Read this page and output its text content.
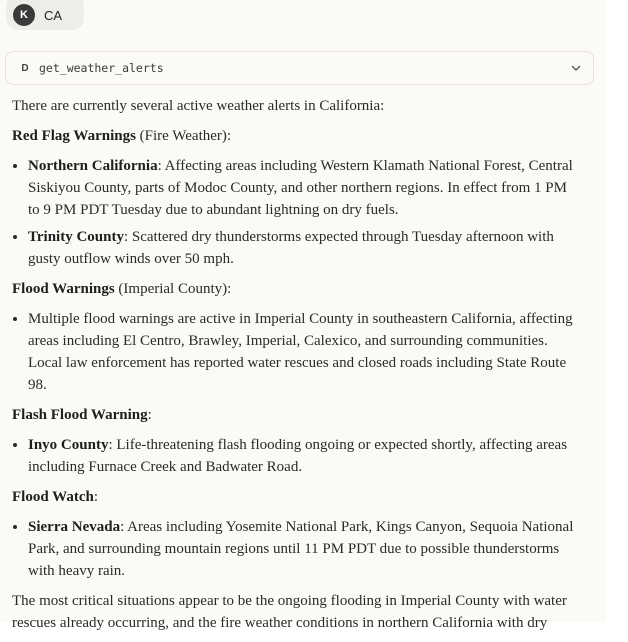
K	CA
D get_weather_alerts

There are currently several active weather alerts in California:

Red Flag Warnings (Fire Weather):

• Northern California: Affecting areas including Western Klamath National Forest, Central Siskiyou County, parts of Modoc County, and other northern regions. In effect from 1 PM to 9 PM PDT Tuesday due to abundant lightning on dry fuels.
• Trinity County: Scattered dry thunderstorms expected through Tuesday afternoon with gusty outflow winds over 50 mph.

Flood Warnings (Imperial County):

• Multiple flood warnings are active in Imperial County in southeastern California, affecting areas including El Centro, Brawley, Imperial, Calexico, and surrounding communities. Local law enforcement has reported water rescues and closed roads including State Route 98.

Flash Flood Warning:

• Inyo County: Life-threatening flash flooding ongoing or expected shortly, affecting areas including Furnace Creek and Badwater Road.

Flood Watch:

• Sierra Nevada: Areas including Yosemite National Park, Kings Canyon, Sequoia National Park, and surrounding mountain regions until 11 PM PDT due to possible thunderstorms with heavy rain.

The most critical situations appear to be the ongoing flooding in Imperial County with water rescues already occurring, and the fire weather conditions in northern California with dry
